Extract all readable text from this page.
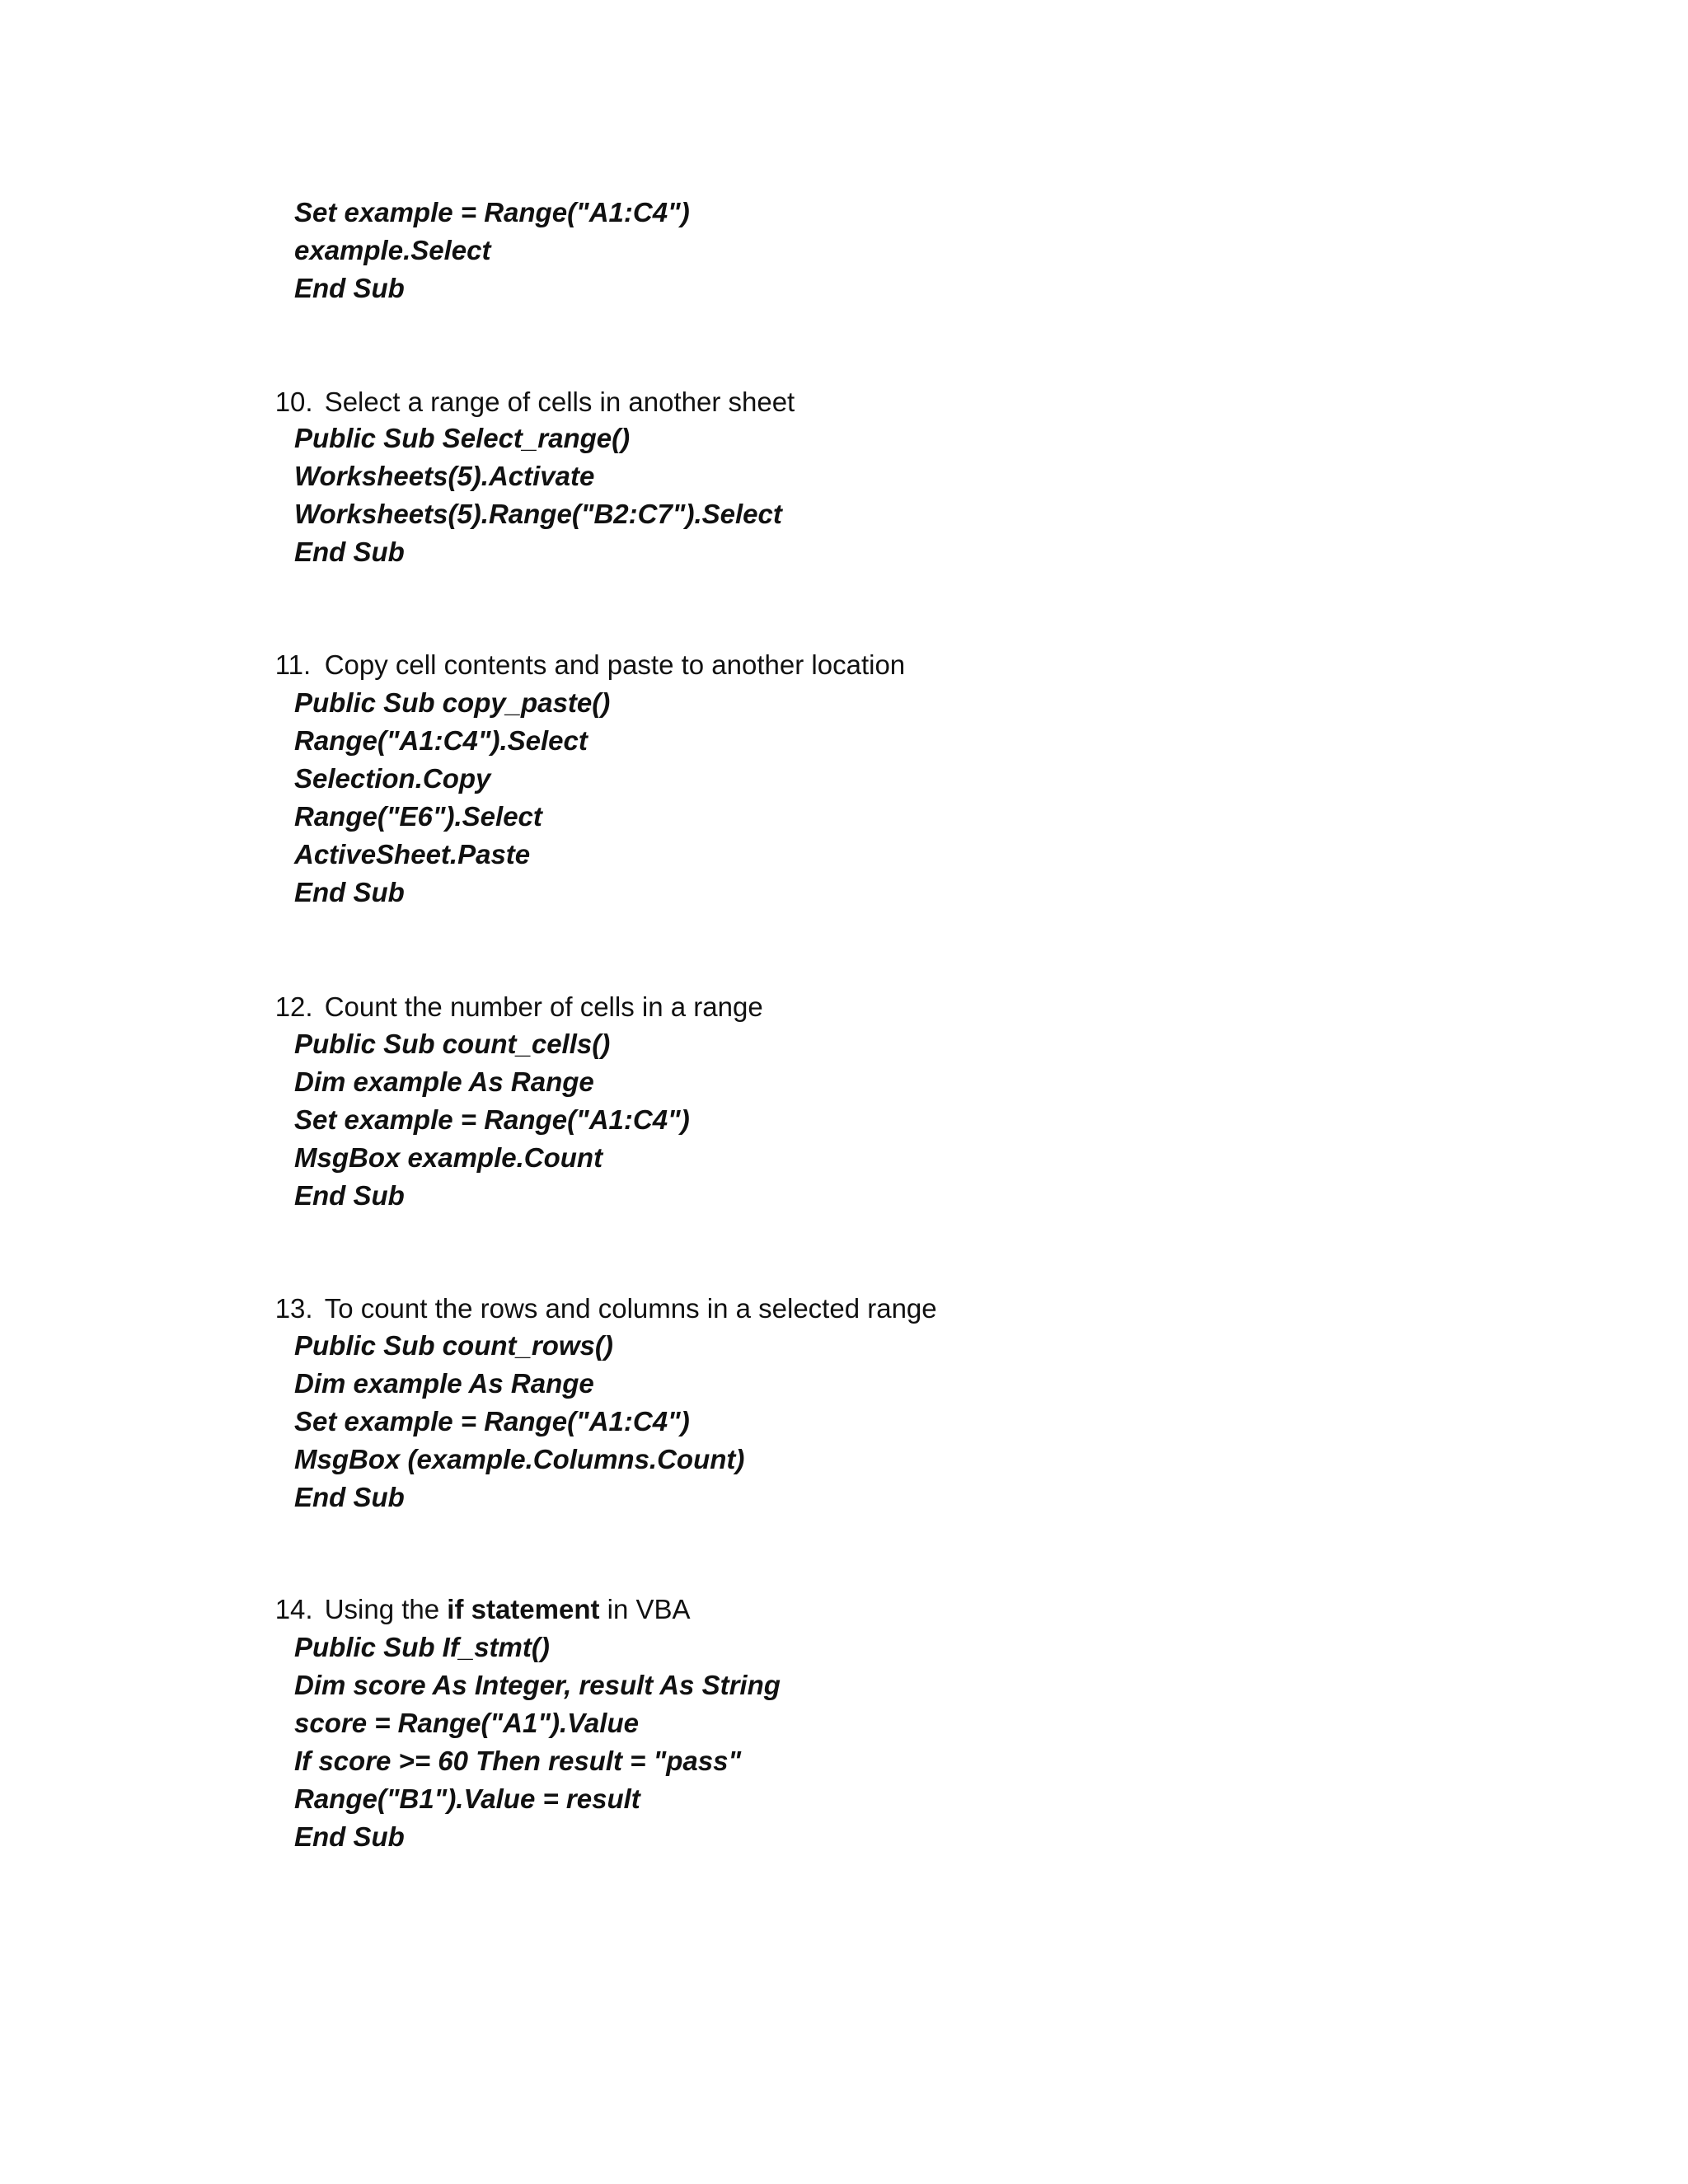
Set example = Range("A1:C4")
example.Select
End Sub

10. Select a range of cells in another sheet

Public Sub Select_range()
Worksheets(5).Activate
Worksheets(5).Range("B2:C7").Select
End Sub

11. Copy cell contents and paste to another location

Public Sub copy_paste()
Range("A1:C4").Select
Selection.Copy
Range("E6").Select
ActiveSheet.Paste
End Sub

12. Count the number of cells in a range

Public Sub count_cells()
Dim example As Range
Set example = Range("A1:C4")
MsgBox example.Count
End Sub

13. To count the rows and columns in a selected range

Public Sub count_rows()
Dim example As Range
Set example = Range("A1:C4")
MsgBox (example.Columns.Count)
End Sub

14. Using the if statement in VBA

Public Sub If_stmt()
Dim score As Integer, result As String
score = Range("A1").Value
If score >= 60 Then result = "pass"
Range("B1").Value = result
End Sub
